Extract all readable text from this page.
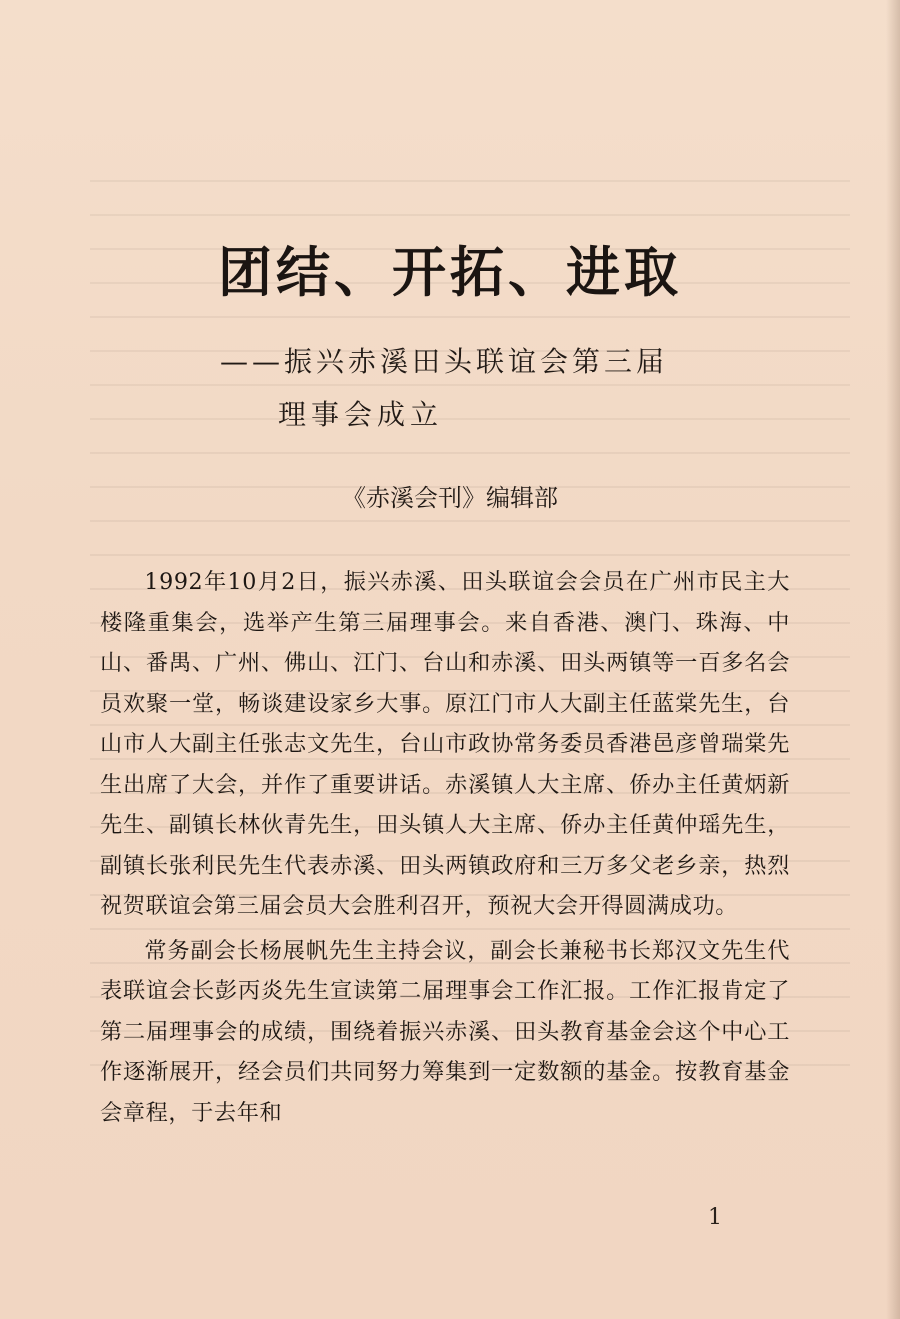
团结、开拓、进取
——振兴赤溪田头联谊会第三届
理事会成立
《赤溪会刊》编辑部

1992年10月2日，振兴赤溪、田头联谊会会员在广州市民主大楼隆重集会，选举产生第三届理事会。来自香港、澳门、珠海、中山、番禺、广州、佛山、江门、台山和赤溪、田头两镇等一百多名会员欢聚一堂，畅谈建设家乡大事。原江门市人大副主任蓝棠先生，台山市人大副主任张志文先生，台山市政协常务委员香港邑彦曾瑞棠先生出席了大会，并作了重要讲话。赤溪镇人大主席、侨办主任黄炳新先生、副镇长林伙青先生，田头镇人大主席、侨办主任黄仲瑶先生，副镇长张利民先生代表赤溪、田头两镇政府和三万多父老乡亲，热烈祝贺联谊会第三届会员大会胜利召开，预祝大会开得圆满成功。

常务副会长杨展帆先生主持会议，副会长兼秘书长郑汉文先生代表联谊会长彭丙炎先生宣读第二届理事会工作汇报。工作汇报肯定了第二届理事会的成绩，围绕着振兴赤溪、田头教育基金会这个中心工作逐渐展开，经会员们共同努力筹集到一定数额的基金。按教育基金会章程，于去年和

1
